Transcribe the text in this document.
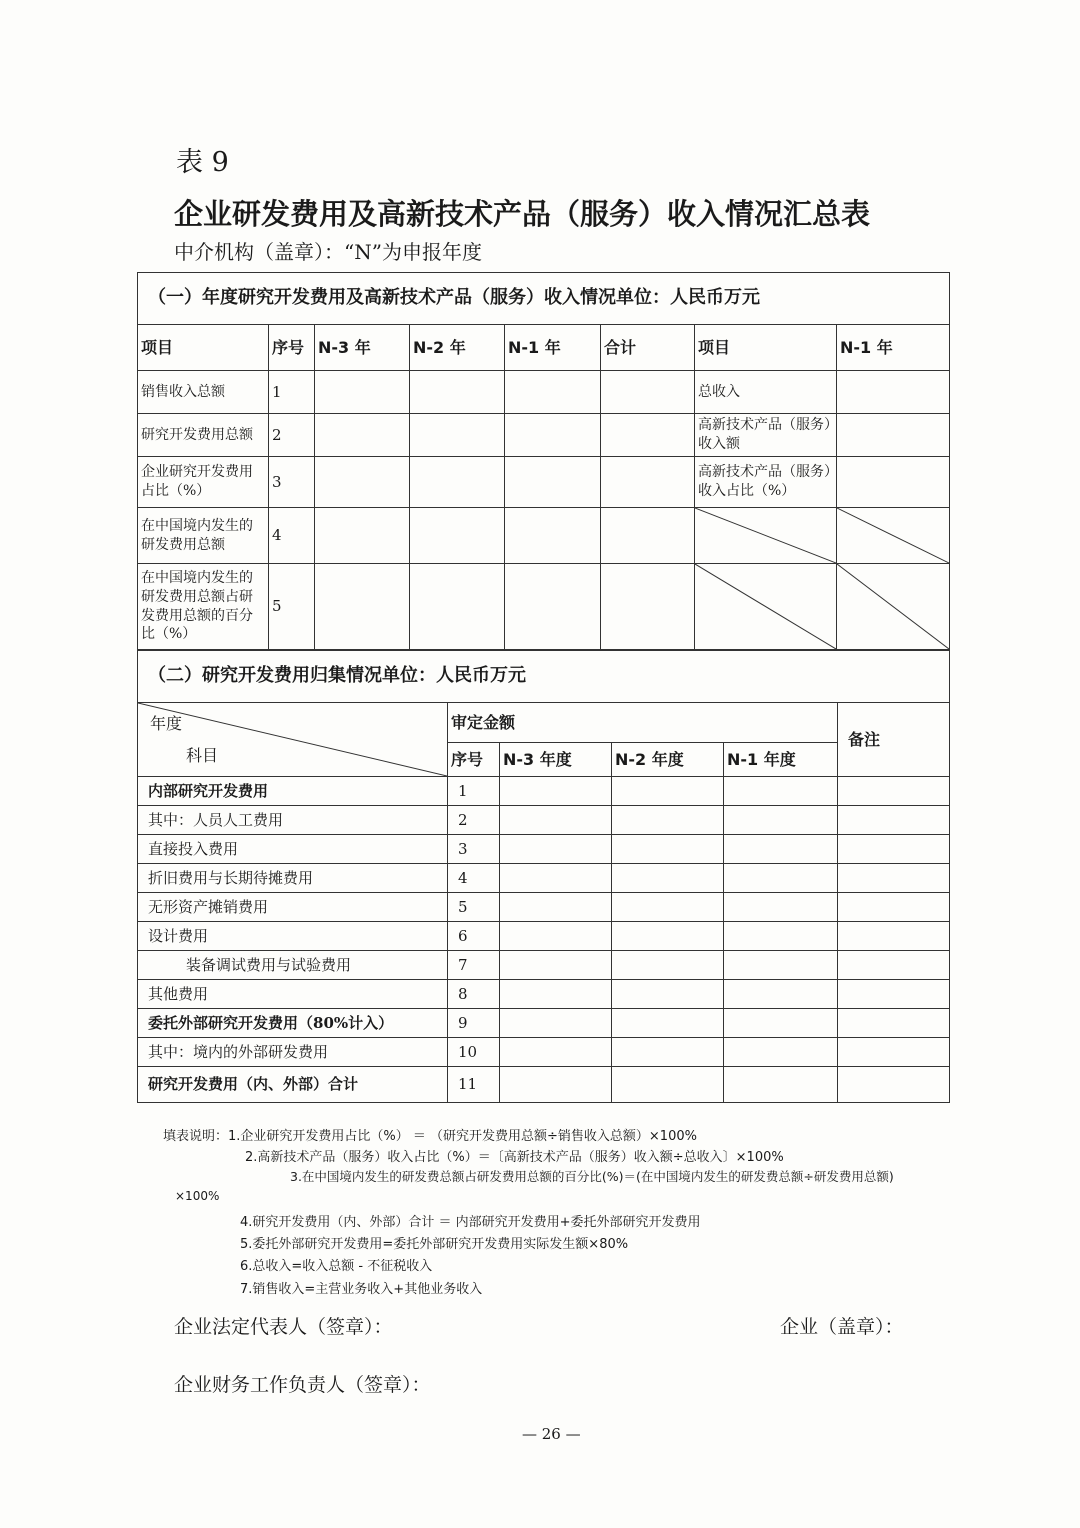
表 9
企业研发费用及高新技术产品（服务）收入情况汇总表
中介机构（盖章）：“N”为申报年度
（一）年度研究开发费用及高新技术产品（服务）收入情况单位：人民币万元							
项目	序号	N-3 年	N-2 年	N-1 年	合计	项目	N-1 年
销售收入总额	1					总收入	
研究开发费用总额	2					高新技术产品（服务）收入额	
企业研究开发费用占比（%）	3					高新技术产品（服务）收入占比（%）	
在中国境内发生的研发费用总额	4					

在中国境内发生的研发费用总额占研发费用总额的百分比（%）	5					

（二）研究开发费用归集情况单位：人民币万元					

年度
科目	审定金额				备注
	序号	N-3 年度	N-2 年度	N-1 年度	
内部研究开发费用	1				
其中：人员人工费用	2				
直接投入费用	3				
折旧费用与长期待摊费用	4				
无形资产摊销费用	5				
设计费用	6				
装备调试费用与试验费用	7				
其他费用	8				
委托外部研究开发费用（80%计入）	9				
其中：境内的外部研发费用	10				
研究开发费用（内、外部）合计	11				
填表说明：1.企业研究开发费用占比（%） ＝ （研究开发费用总额÷销售收入总额）×100%
2.高新技术产品（服务）收入占比（%）＝〔高新技术产品（服务）收入额÷总收入〕×100%
3.在中国境内发生的研发费总额占研发费用总额的百分比(%)＝(在中国境内发生的研发费总额÷研发费用总额)
×100%
4.研究开发费用（内、外部）合计 ＝ 内部研究开发费用+委托外部研究开发费用
5.委托外部研究开发费用=委托外部研究开发费用实际发生额×80%
6.总收入=收入总额 - 不征税收入
7.销售收入=主营业务收入+其他业务收入
企业法定代表人（签章）：	企业（盖章）：
企业财务工作负责人（签章）：
— 26 —
